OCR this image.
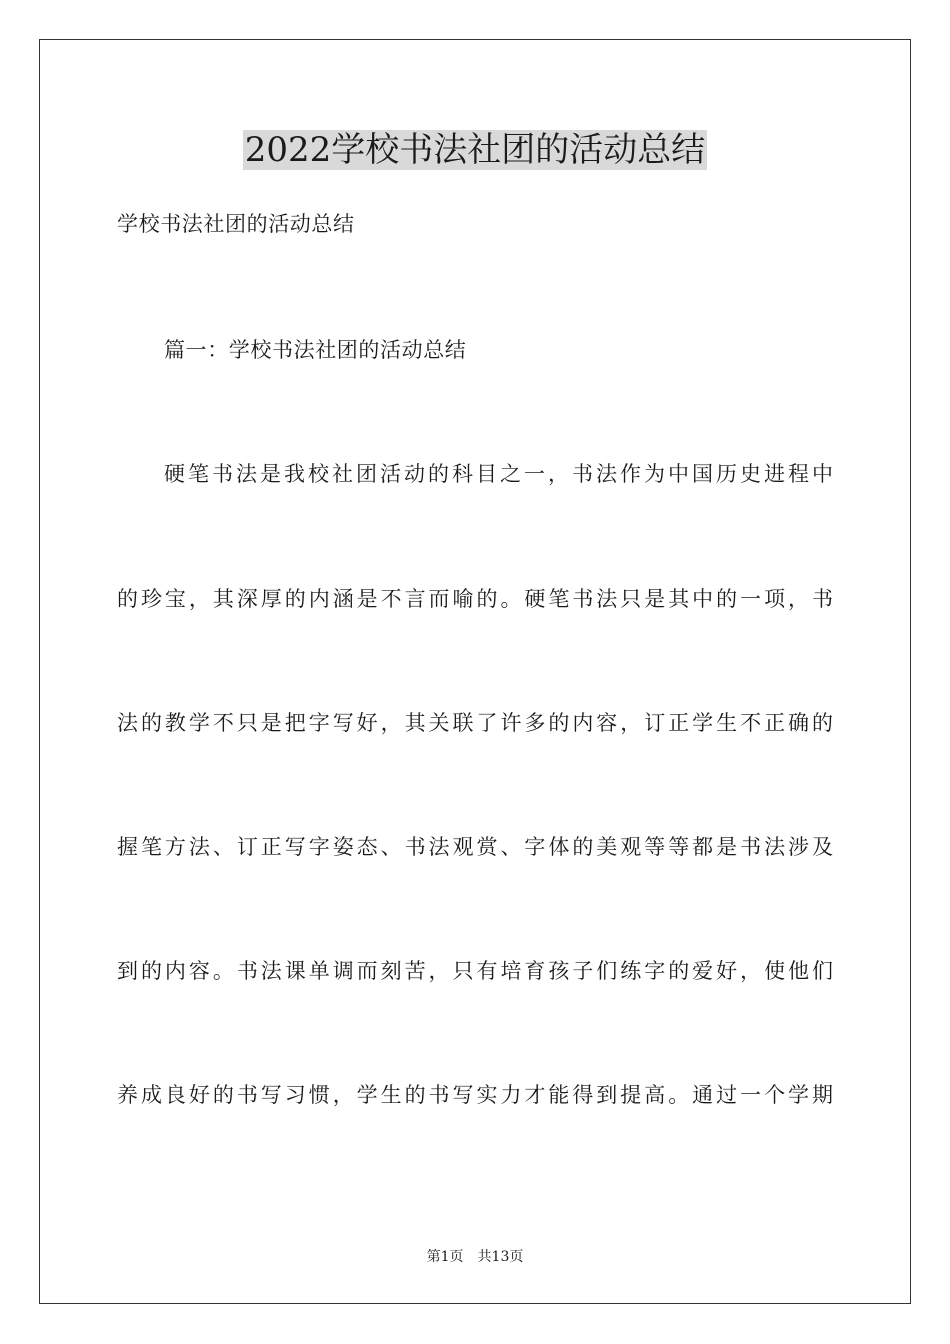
2022学校书法社团的活动总结

学校书法社团的活动总结

篇一：学校书法社团的活动总结

硬笔书法是我校社团活动的科目之一，书法作为中国历史进程中

的珍宝，其深厚的内涵是不言而喻的。硬笔书法只是其中的一项，书

法的教学不只是把字写好，其关联了许多的内容，订正学生不正确的

握笔方法、订正写字姿态、书法观赏、字体的美观等等都是书法涉及

到的内容。书法课单调而刻苦，只有培育孩子们练字的爱好，使他们

养成良好的书写习惯，学生的书写实力才能得到提高。通过一个学期

第1页 共13页
